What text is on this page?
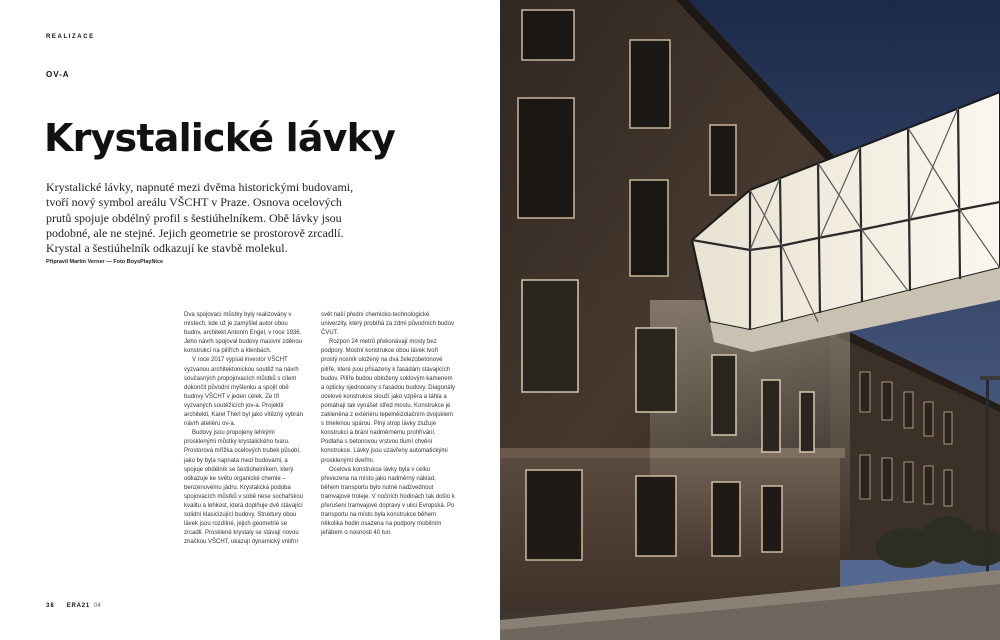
REALIZACE
OV-A
Krystalické lávky

Krystalické lávky, napnuté mezi dvěma historickými budovami, tvoří nový symbol areálu VŠCHT v Praze. Osnova ocelových prutů spojuje obdélný profil s šestiúhelníkem. Obě lávky jsou podobné, ale ne stejné. Jejich geometrie se prostorově zrcadlí. Krystal a šestiúhelník odkazují ke stavbě molekul.

Připravil Martin Verner — Foto BoysPlayNice

Dva spojovací můstky byly realizovány v místech, kde už je zamýšlel autor obou budov, architekt Antonín Engel, v roce 1936. Jeho návrh spojoval budovy masivní zděnou konstrukcí na pilířích a klenbách.

V roce 2017 vypsal investor VŠCHT vyzvanou architektonickou soutěž na návrh současných propojovacích můstků s cílem dokončit původní myšlenku a spojit obě budovy VŠCHT v jeden celek. Ze tří vyzvaných soutěžících jov-a. Projektil architekti, Karel Thérl byl jako vítězný vybrán návrh ateliéru ov-a.

Budovy jsou propojeny lehkými prosklenými můstky krystalického tvaru. Prostorová mřížka ocelových trubek působí, jako by byla napnata mezi budovami, a spojuje obdélník se šestiúhelníkem, který odkazuje ke světu organické chemie – benzenovému jádru. Krystalická podoba spojovacích můstků v sobě nese sochařskou kvalitu a lehkost, která doplňuje dvě stávající solidní klasicizující budovy. Struktury obou lávek jsou rozdílné, jejich geometrie se zrcadlí. Prosklené krystaly se stávají novou značkou VŠCHT, ukazují dynamický vnitřní

svět naší přední chemicko-technologické univerzity, který probíhá za zdmi původních budov ČVUT.

Rozpon 24 metrů překonávají mosty bez podpory. Mostní konstrukce obou lávek tvoří prostý nosník uložený na dva železobetonové pilíře, které jsou přisazeny k fasádám stávajících budov. Pilíře budou obloženy soklovým kamenem a opticky sjednoceny s fasádou budovy. Diagonály ocelové konstrukce slouží jako vzpěra a táhla a pomáhají tak vynášet střed mostu. Konstrukce je zakleněna z exteriéru tepelněizolačním dvojsklem s tmelenou spárou. Plný strop lávky zlužuje konstrukci a brání nadměrnému prohřívání. Podlaha s betonovou vrstvou tlumí chvění konstrukce. Lávky jsou uzavřeny automatickými prosklenými dveřmi.

Ocelová konstrukce lávky byla v celku převezena na místo jako nadměrný náklad, během transportu bylo nutné nadzvednout tramvajové troleje. V nočních hodinách tak došlo k přerušení tramvajové dopravy v ulici Evropská. Po transportu na místo byla konstrukce během několika hodin osazena na podpory mobilním jeřábem o nosnosti 40 tun.

38 ERA21 04
